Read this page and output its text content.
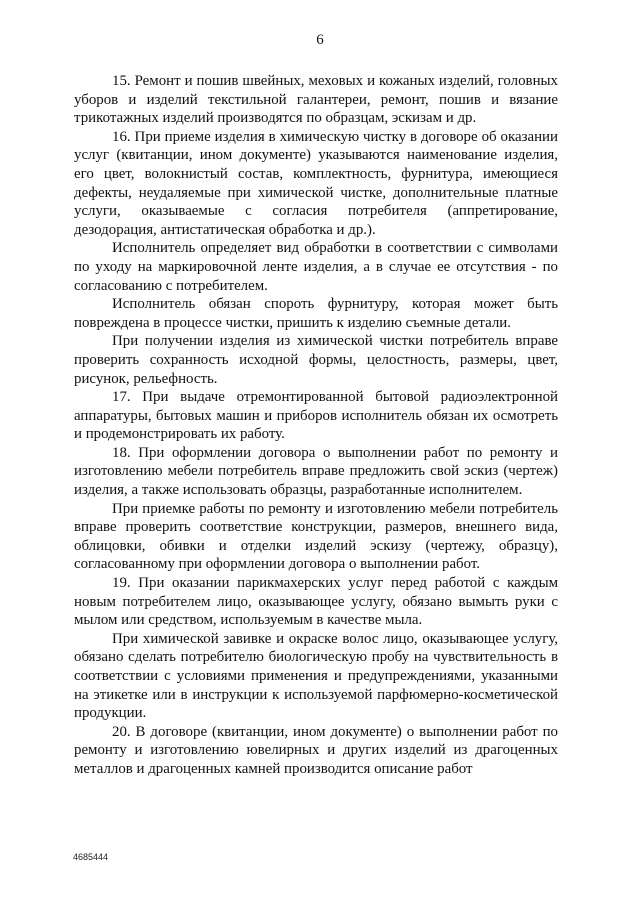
6

15. Ремонт и пошив швейных, меховых и кожаных изделий, головных уборов и изделий текстильной галантереи, ремонт, пошив и вязание трикотажных изделий производятся по образцам, эскизам и др.

16. При приеме изделия в химическую чистку в договоре об оказании услуг (квитанции, ином документе) указываются наименование изделия, его цвет, волокнистый состав, комплектность, фурнитура, имеющиеся дефекты, неудаляемые при химической чистке, дополнительные платные услуги, оказываемые с согласия потребителя (аппретирование, дезодорация, антистатическая обработка и др.).

Исполнитель определяет вид обработки в соответствии с символами по уходу на маркировочной ленте изделия, а в случае ее отсутствия - по согласованию с потребителем.

Исполнитель обязан спороть фурнитуру, которая может быть повреждена в процессе чистки, пришить к изделию съемные детали.

При получении изделия из химической чистки потребитель вправе проверить сохранность исходной формы, целостность, размеры, цвет, рисунок, рельефность.

17. При выдаче отремонтированной бытовой радиоэлектронной аппаратуры, бытовых машин и приборов исполнитель обязан их осмотреть и продемонстрировать их работу.

18. При оформлении договора о выполнении работ по ремонту и изготовлению мебели потребитель вправе предложить свой эскиз (чертеж) изделия, а также использовать образцы, разработанные исполнителем.

При приемке работы по ремонту и изготовлению мебели потребитель вправе проверить соответствие конструкции, размеров, внешнего вида, облицовки, обивки и отделки изделий эскизу (чертежу, образцу), согласованному при оформлении договора о выполнении работ.

19. При оказании парикмахерских услуг перед работой с каждым новым потребителем лицо, оказывающее услугу, обязано вымыть руки с мылом или средством, используемым в качестве мыла.

При химической завивке и окраске волос лицо, оказывающее услугу, обязано сделать потребителю биологическую пробу на чувствительность в соответствии с условиями применения и предупреждениями, указанными на этикетке или в инструкции к используемой парфюмерно-косметической продукции.

20. В договоре (квитанции, ином документе) о выполнении работ по ремонту и изготовлению ювелирных и других изделий из драгоценных металлов и драгоценных камней производится описание работ

4685444
